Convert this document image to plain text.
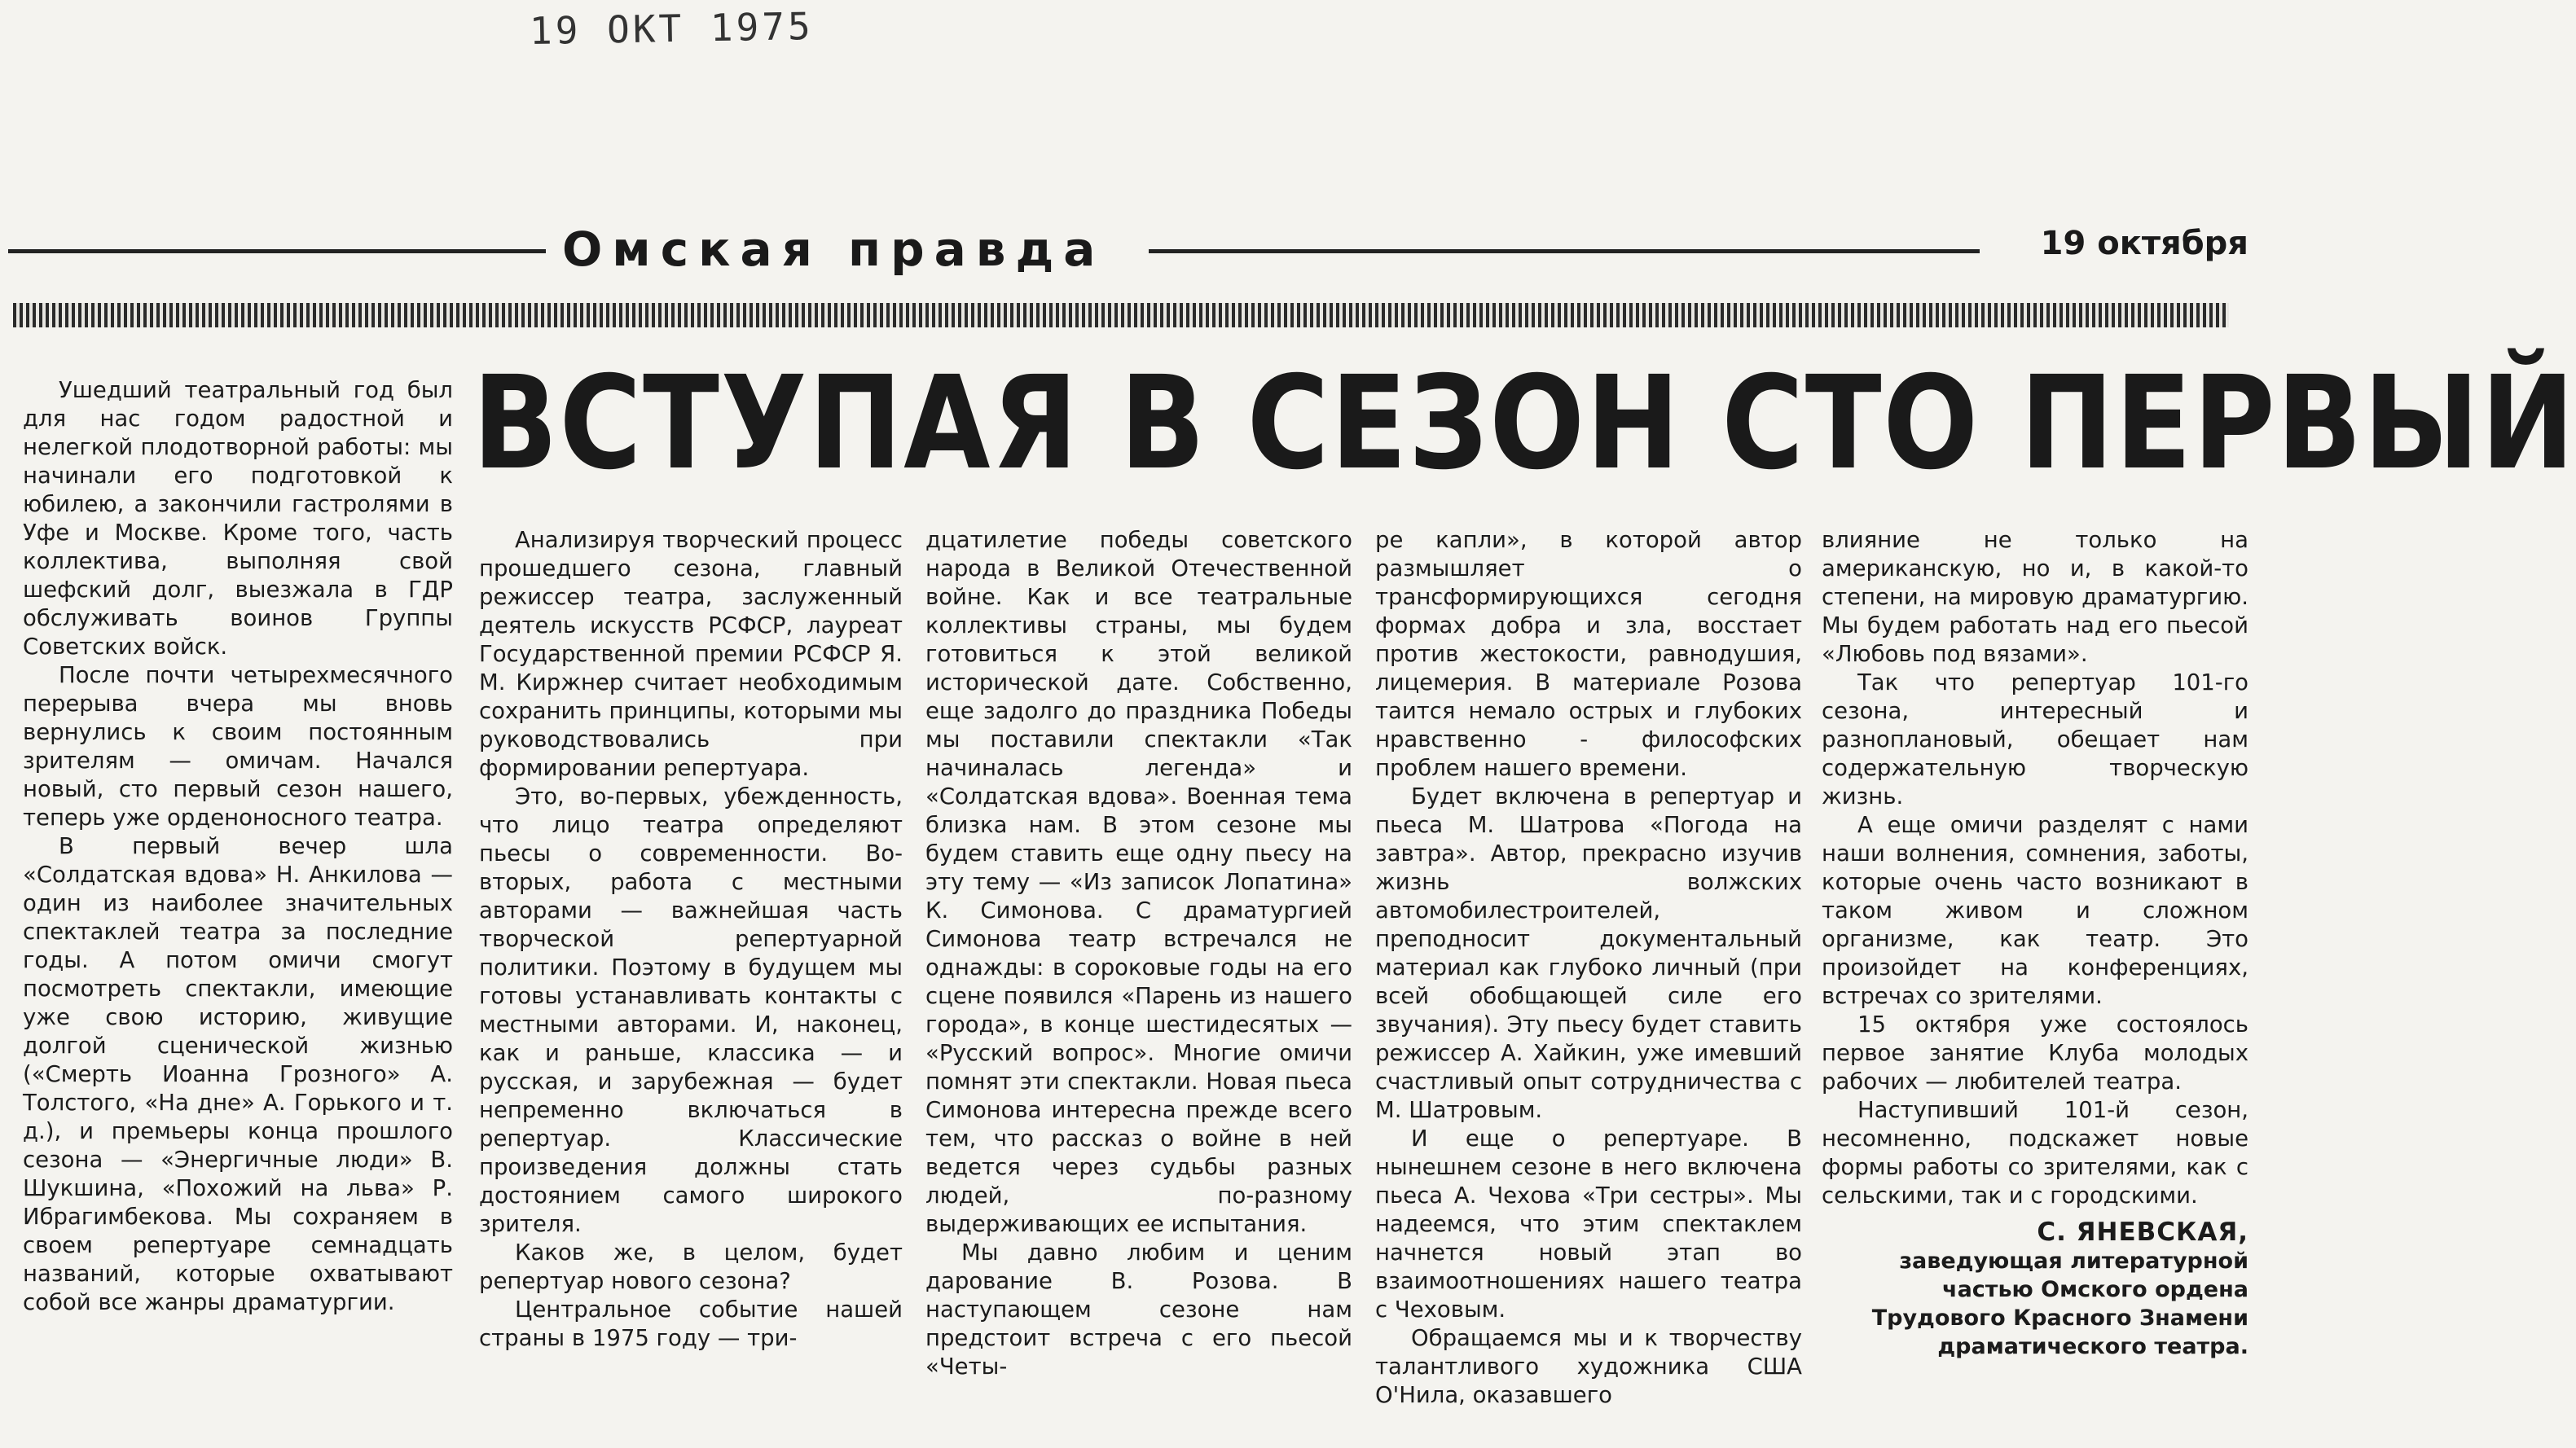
19 ОКТ 1975
Омская правда	19 октября
ВСТУПАЯ В СЕЗОН СТО ПЕРВЫЙ

Ушедший театральный год был для нас годом радостной и нелегкой плодотворной работы: мы начинали его подготовкой к юбилею, а закончили гастролями в Уфе и Москве. Кроме того, часть коллектива, выполняя свой шефский долг, выезжала в ГДР обслуживать воинов Группы Советских войск.

После почти четырехмесячного перерыва вчера мы вновь вернулись к своим постоянным зрителям — омичам. Начался новый, сто первый сезон нашего, теперь уже орденоносного театра.

В первый вечер шла «Солдатская вдова» Н. Анкилова — один из наиболее значительных спектаклей театра за последние годы. А потом омичи смогут посмотреть спектакли, имеющие уже свою историю, живущие долгой сценической жизнью («Смерть Иоанна Грозного» А. Толстого, «На дне» А. Горького и т. д.), и премьеры конца прошлого сезона — «Энергичные люди» В. Шукшина, «Похожий на льва» Р. Ибрагимбекова. Мы сохраняем в своем репертуаре семнадцать названий, которые охватывают собой все жанры драматургии.

Анализируя творческий процесс прошедшего сезона, главный режиссер театра, заслуженный деятель искусств РСФСР, лауреат Государственной премии РСФСР Я. М. Киржнер считает необходимым сохранить принципы, которыми мы руководствовались при формировании репертуара.

Это, во-первых, убежденность, что лицо театра определяют пьесы о современности. Во-вторых, работа с местными авторами — важнейшая часть творческой репертуарной политики. Поэтому в будущем мы готовы устанавливать контакты с местными авторами. И, наконец, как и раньше, классика — и русская, и зарубежная — будет непременно включаться в репертуар. Классические произведения должны стать достоянием самого широкого зрителя.

Каков же, в целом, будет репертуар нового сезона?

Центральное событие нашей страны в 1975 году — три-

дцатилетие победы советского народа в Великой Отечественной войне. Как и все театральные коллективы страны, мы будем готовиться к этой великой исторической дате. Собственно, еще задолго до праздника Победы мы поставили спектакли «Так начиналась легенда» и «Солдатская вдова». Военная тема близка нам. В этом сезоне мы будем ставить еще одну пьесу на эту тему — «Из записок Лопатина» К. Симонова. С драматургией Симонова театр встречался не однажды: в сороковые годы на его сцене появился «Парень из нашего города», в конце шестидесятых — «Русский вопрос». Многие омичи помнят эти спектакли. Новая пьеса Симонова интересна прежде всего тем, что рассказ о войне в ней ведется через судьбы разных людей, по-разному выдерживающих ее испытания.

Мы давно любим и ценим дарование В. Розова. В наступающем сезоне нам предстоит встреча с его пьесой «Четы-

ре капли», в которой автор размышляет о трансформирующихся сегодня формах добра и зла, восстает против жестокости, равнодушия, лицемерия. В материале Розова таится немало острых и глубоких нравственно - философских проблем нашего времени.

Будет включена в репертуар и пьеса М. Шатрова «Погода на завтра». Автор, прекрасно изучив жизнь волжских автомобилестроителей, преподносит документальный материал как глубоко личный (при всей обобщающей силе его звучания). Эту пьесу будет ставить режиссер А. Хайкин, уже имевший счастливый опыт сотрудничества с М. Шатровым.

И еще о репертуаре. В нынешнем сезоне в него включена пьеса А. Чехова «Три сестры». Мы надеемся, что этим спектаклем начнется новый этап во взаимоотношениях нашего театра с Чеховым.

Обращаемся мы и к творчеству талантливого художника США О'Нила, оказавшего

влияние не только на американскую, но и, в какой-то степени, на мировую драматургию. Мы будем работать над его пьесой «Любовь под вязами».

Так что репертуар 101-го сезона, интересный и разноплановый, обещает нам содержательную творческую жизнь.

А еще омичи разделят с нами наши волнения, сомнения, заботы, которые очень часто возникают в таком живом и сложном организме, как театр. Это произойдет на конференциях, встречах со зрителями.

15 октября уже состоялось первое занятие Клуба молодых рабочих — любителей театра.

Наступивший 101-й сезон, несомненно, подскажет новые формы работы со зрителями, как с сельскими, так и с городскими.

С. ЯНЕВСКАЯ,
заведующая литературной
частью Омского ордена
Трудового Красного Знамени
драматического театра.
